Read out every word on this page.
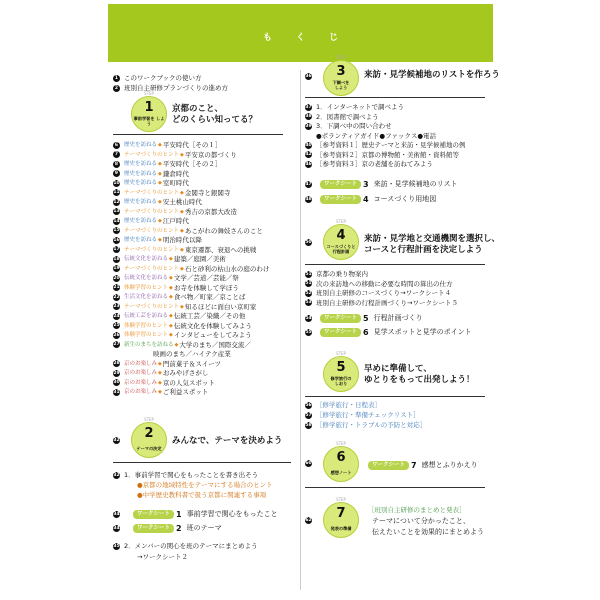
もくじ
1 このワークブックの使い方
2 班別自主研修プランづくりの進め方
STEP
1
事前学習を しよう
京都のこと、
どのくらい知ってる？
6	歴史を訪ねる ◆ 平安時代［その１］
7	テーマづくりのヒント ◆ 平安京の都づくり
8	歴史を訪ねる ◆ 平安時代［その２］
9	歴史を訪ねる ◆ 鎌倉時代
10 歴史を訪ねる ◆ 室町時代
11 テーマづくりのヒント ◆ 金閣寺と銀閣寺
12 歴史を訪ねる ◆ 安土桃山時代
13 テーマづくりのヒント ◆ 秀吉の京都大改造
14 歴史を訪ねる ◆ 江戸時代
15 テーマづくりのヒント ◆ あこがれの舞妓さんのこと
16 歴史を訪ねる ◆ 明治時代以降
17 テーマづくりのヒント ◆ 東京遷都、衰退への挑戦
18 伝統文化を訪ねる ◆ 建築／庭園／美術
19 テーマづくりのヒント ◆ 石と砂利の枯山水の庭のわけ
20 伝統文化を訪ねる ◆ 文学／芸道／芸能／祭
21 体験学習のヒント ◆ お寺を体験して学ぼう
22 生活文化を訪ねる ◆ 食べ物／町家／京ことば
23 テーマづくりのヒント ◆ 知るほどに面白い京町家
24 伝統工芸を訪ねる ◆ 伝統工芸／染織／その他
25 体験学習のヒント ◆ 伝統文化を体験してみよう
26 体験学習のヒント ◆ インタビューをしてみよう
27 新生のまちを訪ねる ◆ 大学のまち／国際交流／
映画のまち／ハイテク産業
28 京のお楽しみ ◆ 門前菓子＆スイーツ
29 京のお楽しみ ◆ おみやげさがし
30 京のお楽しみ ◆ 京の人気スポット
31 京のお楽しみ ◆ ご利益スポット
32
STEP
2
テーマの決定
みんなで、テーマを決めよう
32 1．事前学習で関心をもったことを書き出そう
●京都の地域特性をテーマにする場合のヒント
●中学歴史教科書で扱う京都に関連する事項
34	ワークシート 1 事前学習で関心をもったこと
34	ワークシート 2 班のテーマ
35 2．メンバーの関心を班のテーマにまとめよう
→ワークシート２
36
STEP
3
下調べを
しよう
来訪・見学候補地のリストを作ろう
37 1．インターネットで調べよう
38 2．図書館で調べよう
39 3．下調べ中の問い合わせ
●ボランティアガイド●ファックス●電話
40 ［参考資料１］歴史テーマと来訪・見学候補地の例
42 ［参考資料２］京都の博物館・美術館・資料館等
46 ［参考資料３］京の老舗を訪ねてみよう
47	ワークシート 3 来訪・見学候補地のリスト
48	ワークシート 4 コースづくり用地図
50
STEP
4
コースづくりと
行程計画
来訪・見学地と交通機関を選択し、
コースと行程計画を決定しよう
51 京都の乗り物案内
51 次の来訪地への移動に必要な時間の算出の仕方
52 班別自主研修のコースづくり→ワークシート４
53 班別自主研修の行程計画づくり→ワークシート５
54	ワークシート 5 行程計画づくり
55	ワークシート 6 見学スポットと見学のポイント
STEP
5
修学旅行の
しおり
早めに準備して、
ゆとりをもって出発しよう！
56 ［修学旅行・日程表］
57 ［修学旅行・準備チェックリスト］
58 ［修学旅行・トラブルの予防と対応］
60
STEP
6
感想ノート
ワークシート 7 感想とふりかえり
62
STEP
7
発表の準備
［班別自主研修のまとめと発表］
テーマについて分かったこと、
伝えたいことを効果的にまとめよう
